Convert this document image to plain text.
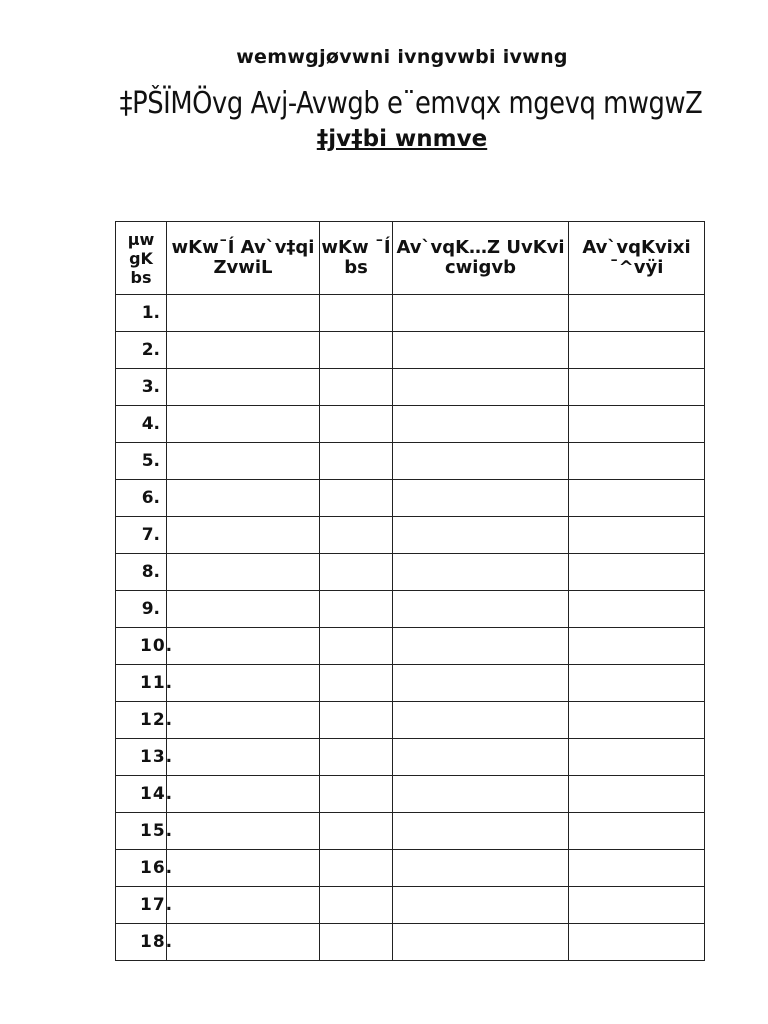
wemwgjøvwni ivngvwbi ivwng
‡PŠÏMÖvg Avj-Avwgb e¨emvqx mgevq mwgwZ
‡jv‡bi wnmve
µw gK bs	wKw¯Í Av`v‡qi ZvwiL	wKw ¯Í bs	Av`vqK…Z UvKvi cwigvb	Av`vqKvixi ¯^vÿi
1.				
2.				
3.				
4.				
5.				
6.				
7.				
8.				
9.				
10.				
11.				
12.				
13.				
14.				
15.				
16.				
17.				
18.				
